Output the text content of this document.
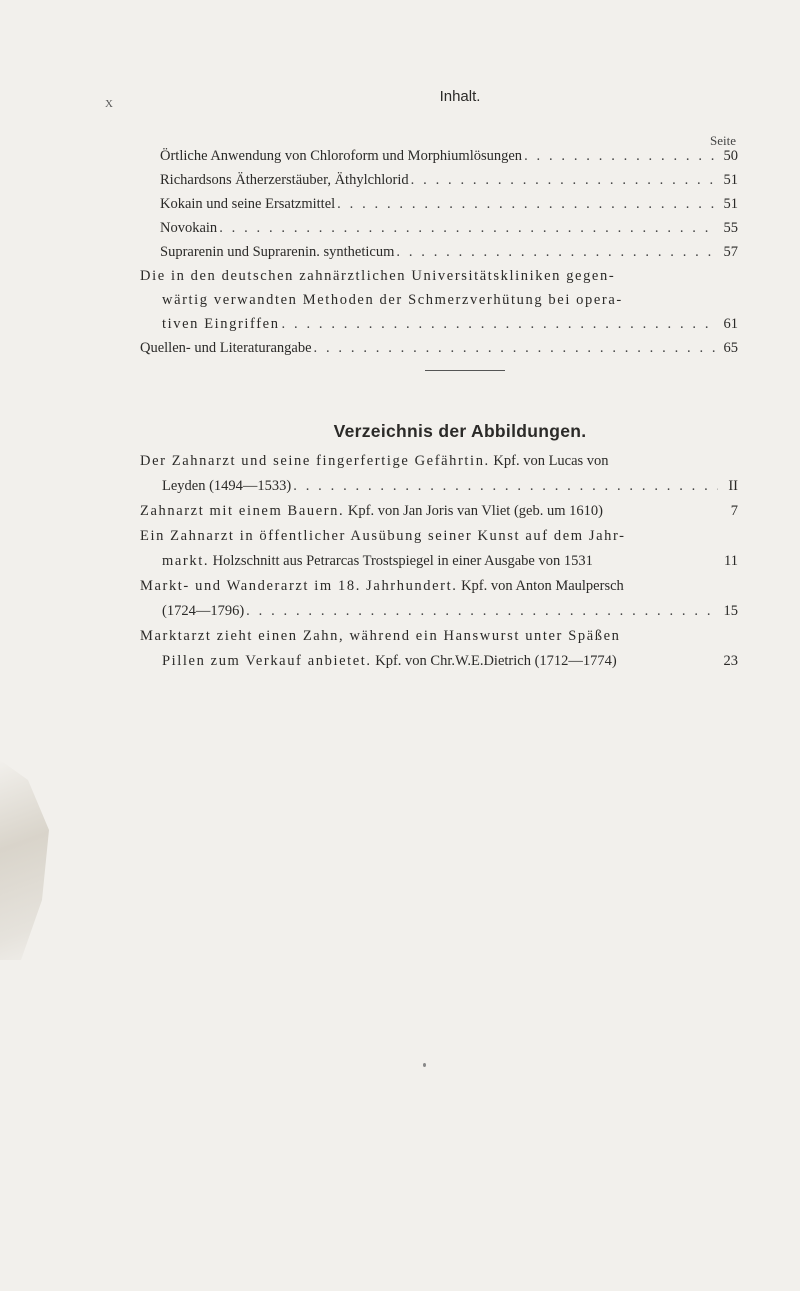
X	Inhalt.
Seite
Örtliche Anwendung von Chloroform und Morphiumlösungen . . .	50
Richardsons Ätherzerstäuber, Äthylchlorid . . .	51
Kokain und seine Ersatzmittel . . .	51
Novokain . . .	55
Suprarenin und Suprarenin. syntheticum . . .	57
Die in den deutschen zahnärztlichen Universitätskliniken gegen-
wärtig verwandten Methoden der Schmerzverhütung bei opera-
tiven Eingriffen . . .	61
Quellen- und Literaturangabe . . .	65
Verzeichnis der Abbildungen.
Der Zahnarzt und seine fingerfertige Gefährtin. Kpf. von Lucas von
Leyden (1494—1533) . . .	II
Zahnarzt mit einem Bauern. Kpf. von Jan Joris van Vliet (geb. um 1610)	7
Ein Zahnarzt in öffentlicher Ausübung seiner Kunst auf dem Jahr-
markt. Holzschnitt aus Petrarcas Trostspiegel in einer Ausgabe von 1531	11
Markt- und Wanderarzt im 18. Jahrhundert. Kpf. von Anton Maulpersch
(1724—1796) . . .	15
Marktarzt zieht einen Zahn, während ein Hanswurst unter Späßen
Pillen zum Verkauf anbietet. Kpf. von Chr.W.E.Dietrich (1712—1774)	23
